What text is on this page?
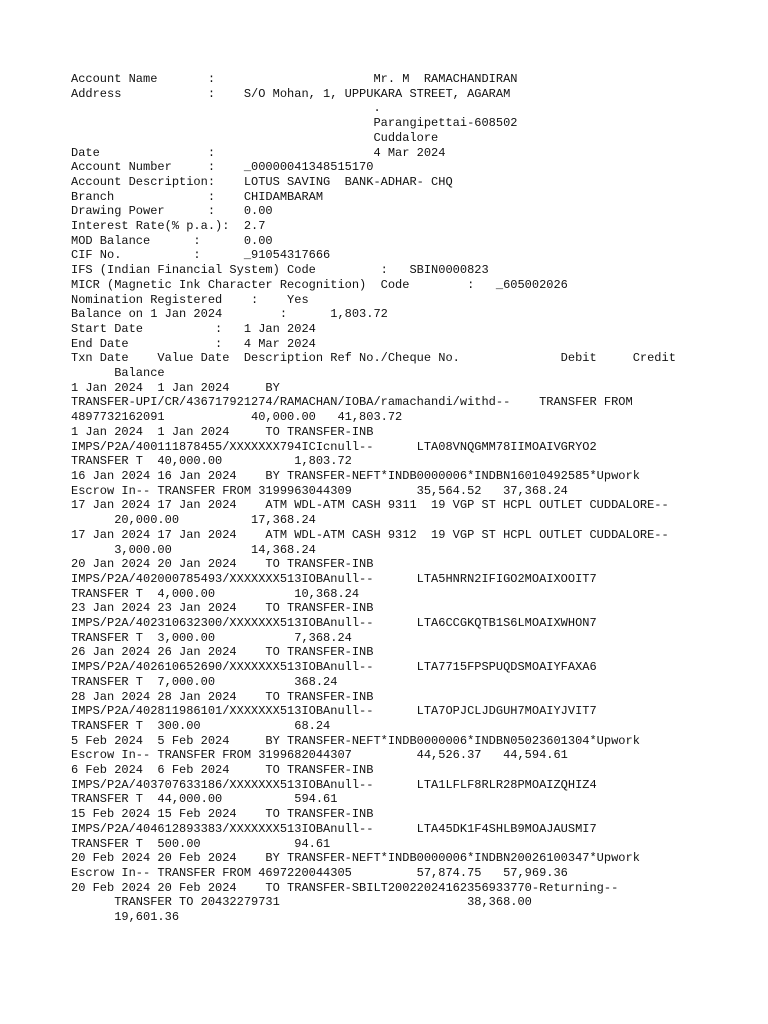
Account Name       :                      Mr. M  RAMACHANDIRAN
Address            :    S/O Mohan, 1, UPPUKARA STREET, AGARAM
.
Parangipettai-608502
Cuddalore
Date               :                      4 Mar 2024
Account Number     :    _00000041348515170
Account Description:    LOTUS SAVING  BANK-ADHAR- CHQ
Branch             :    CHIDAMBARAM
Drawing Power      :    0.00
Interest Rate(% p.a.):  2.7
MOD Balance      :      0.00
CIF No.          :      _91054317666
IFS (Indian Financial System) Code         :   SBIN0000823
MICR (Magnetic Ink Character Recognition)  Code        :   _605002026
Nomination Registered    :    Yes
Balance on 1 Jan 2024        :      1,803.72
Start Date          :   1 Jan 2024
End Date            :   4 Mar 2024
Txn Date    Value Date  Description Ref No./Cheque No.              Debit     Credit
Balance
1 Jan 2024  1 Jan 2024     BY
TRANSFER-UPI/CR/436717921274/RAMACHAN/IOBA/ramachandi/withd--    TRANSFER FROM
4897732162091            40,000.00   41,803.72
1 Jan 2024  1 Jan 2024     TO TRANSFER-INB
IMPS/P2A/400111878455/XXXXXXX794ICIcnull--      LTA08VNQGMM78IIMOAIVGRYO2
TRANSFER T  40,000.00          1,803.72
16 Jan 2024 16 Jan 2024    BY TRANSFER-NEFT*INDB0000006*INDBN16010492585*Upwork
Escrow In-- TRANSFER FROM 3199963044309         35,564.52   37,368.24
17 Jan 2024 17 Jan 2024    ATM WDL-ATM CASH 9311  19 VGP ST HCPL OUTLET CUDDALORE--
20,000.00          17,368.24
17 Jan 2024 17 Jan 2024    ATM WDL-ATM CASH 9312  19 VGP ST HCPL OUTLET CUDDALORE--
3,000.00           14,368.24
20 Jan 2024 20 Jan 2024    TO TRANSFER-INB
IMPS/P2A/402000785493/XXXXXXX513IOBAnull--      LTA5HNRN2IFIGO2MOAIXOOIT7
TRANSFER T  4,000.00           10,368.24
23 Jan 2024 23 Jan 2024    TO TRANSFER-INB
IMPS/P2A/402310632300/XXXXXXX513IOBAnull--      LTA6CCGKQTB1S6LMOAIXWHON7
TRANSFER T  3,000.00           7,368.24
26 Jan 2024 26 Jan 2024    TO TRANSFER-INB
IMPS/P2A/402610652690/XXXXXXX513IOBAnull--      LTA7715FPSPUQDSMOAIYFAXA6
TRANSFER T  7,000.00           368.24
28 Jan 2024 28 Jan 2024    TO TRANSFER-INB
IMPS/P2A/402811986101/XXXXXXX513IOBAnull--      LTA7OPJCLJDGUH7MOAIYJVIT7
TRANSFER T  300.00             68.24
5 Feb 2024  5 Feb 2024     BY TRANSFER-NEFT*INDB0000006*INDBN05023601304*Upwork
Escrow In-- TRANSFER FROM 3199682044307         44,526.37   44,594.61
6 Feb 2024  6 Feb 2024     TO TRANSFER-INB
IMPS/P2A/403707633186/XXXXXXX513IOBAnull--      LTA1LFLF8RLR28PMOAIZQHIZ4
TRANSFER T  44,000.00          594.61
15 Feb 2024 15 Feb 2024    TO TRANSFER-INB
IMPS/P2A/404612893383/XXXXXXX513IOBAnull--      LTA45DK1F4SHLB9MOAJAUSMI7
TRANSFER T  500.00             94.61
20 Feb 2024 20 Feb 2024    BY TRANSFER-NEFT*INDB0000006*INDBN20026100347*Upwork
Escrow In-- TRANSFER FROM 4697220044305         57,874.75   57,969.36
20 Feb 2024 20 Feb 2024    TO TRANSFER-SBILT20022024162356933770-Returning--
TRANSFER TO 20432279731                          38,368.00
19,601.36
